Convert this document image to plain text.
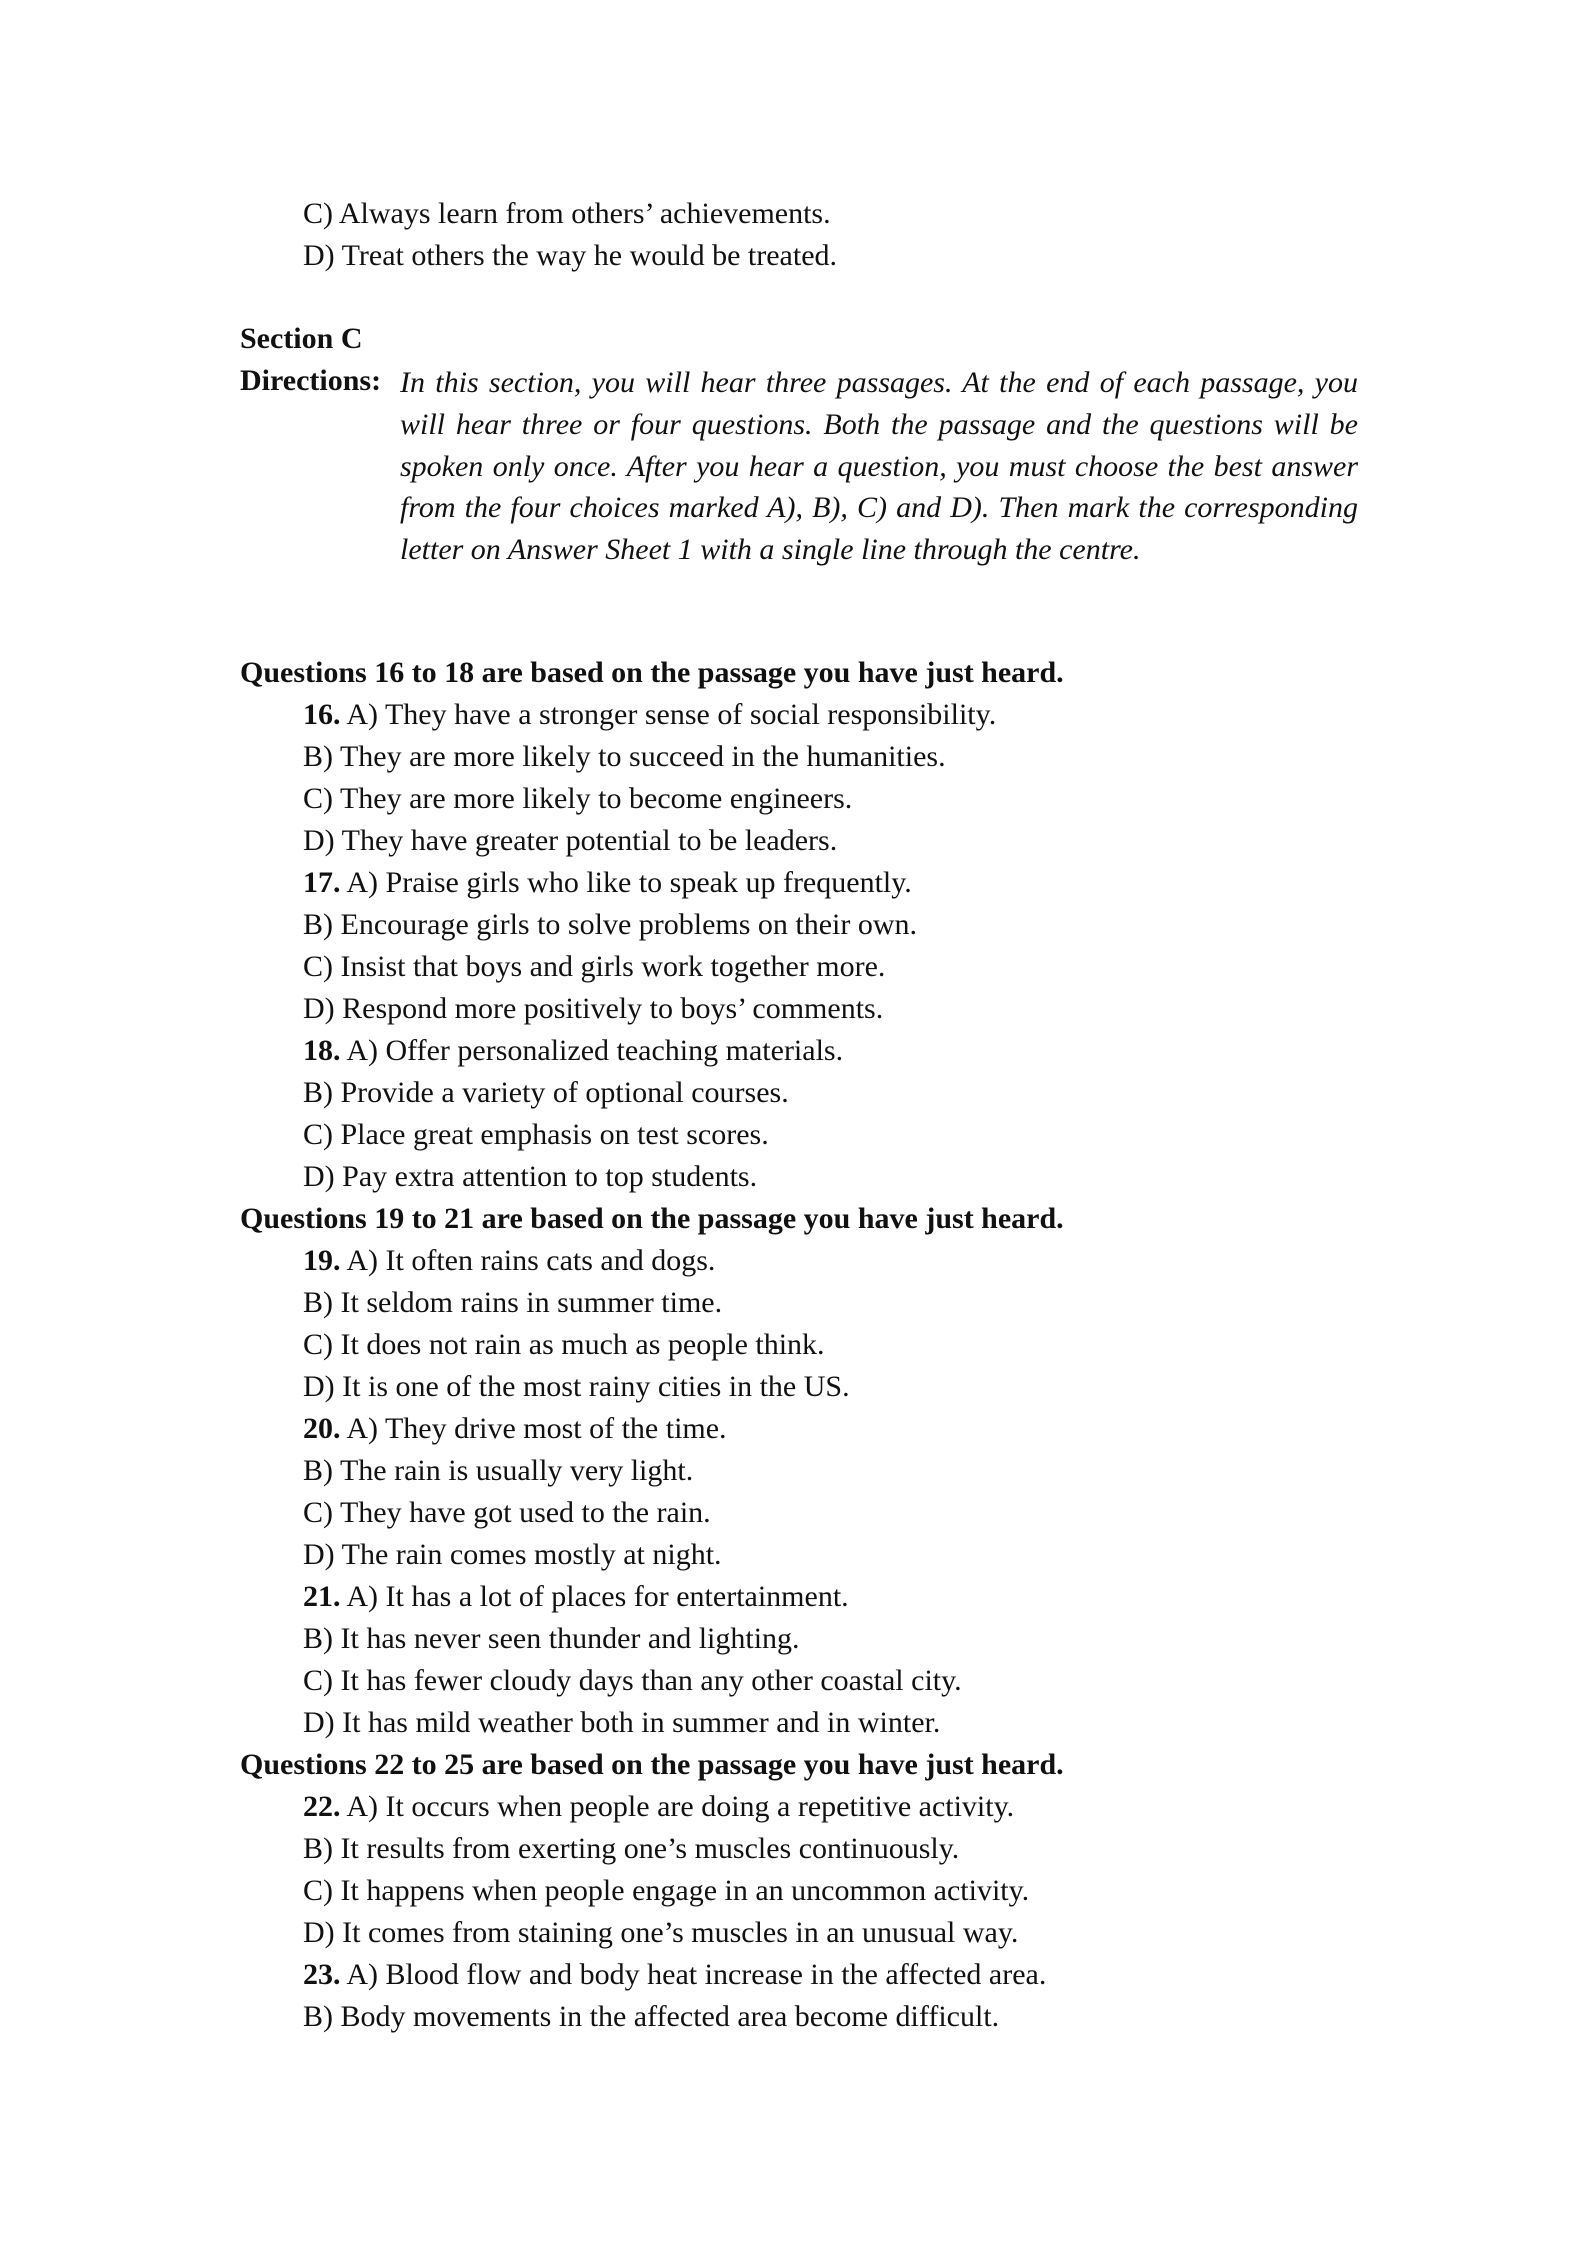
C) Always learn from others’ achievements.
D) Treat others the way he would be treated.
Section C
Directions: In this section, you will hear three passages. At the end of each passage, you will hear three or four questions. Both the passage and the questions will be spoken only once. After you hear a question, you must choose the best answer from the four choices marked A), B), C) and D). Then mark the corresponding letter on Answer Sheet 1 with a single line through the centre.
Questions 16 to 18 are based on the passage you have just heard.
16. A) They have a stronger sense of social responsibility.
B) They are more likely to succeed in the humanities.
C) They are more likely to become engineers.
D) They have greater potential to be leaders.
17. A) Praise girls who like to speak up frequently.
B) Encourage girls to solve problems on their own.
C) Insist that boys and girls work together more.
D) Respond more positively to boys’ comments.
18. A) Offer personalized teaching materials.
B) Provide a variety of optional courses.
C) Place great emphasis on test scores.
D) Pay extra attention to top students.
Questions 19 to 21 are based on the passage you have just heard.
19. A) It often rains cats and dogs.
B) It seldom rains in summer time.
C) It does not rain as much as people think.
D) It is one of the most rainy cities in the US.
20. A) They drive most of the time.
B) The rain is usually very light.
C) They have got used to the rain.
D) The rain comes mostly at night.
21. A) It has a lot of places for entertainment.
B) It has never seen thunder and lighting.
C) It has fewer cloudy days than any other coastal city.
D) It has mild weather both in summer and in winter.
Questions 22 to 25 are based on the passage you have just heard.
22. A) It occurs when people are doing a repetitive activity.
B) It results from exerting one’s muscles continuously.
C) It happens when people engage in an uncommon activity.
D) It comes from staining one’s muscles in an unusual way.
23. A) Blood flow and body heat increase in the affected area.
B) Body movements in the affected area become difficult.
